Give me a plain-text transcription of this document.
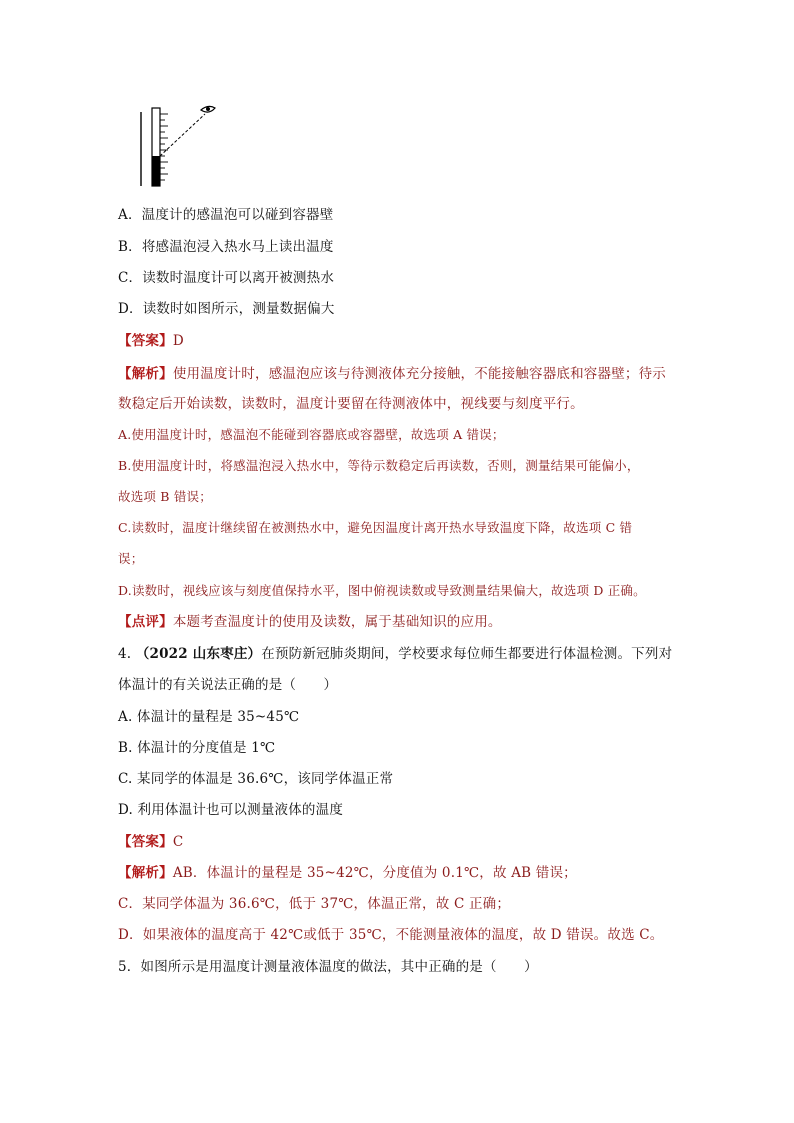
A．温度计的感温泡可以碰到容器壁
B．将感温泡浸入热水马上读出温度
C．读数时温度计可以离开被测热水
D．读数时如图所示，测量数据偏大
【答案】D
【解析】使用温度计时，感温泡应该与待测液体充分接触，不能接触容器底和容器壁；待示
数稳定后开始读数，读数时，温度计要留在待测液体中，视线要与刻度平行。
A.使用温度计时，感温泡不能碰到容器底或容器壁，故选项 A 错误；
B.使用温度计时，将感温泡浸入热水中，等待示数稳定后再读数，否则，测量结果可能偏小，
故选项 B 错误；
C.读数时，温度计继续留在被测热水中，避免因温度计离开热水导致温度下降，故选项 C 错
误；
D.读数时，视线应该与刻度值保持水平，图中俯视读数或导致测量结果偏大，故选项 D 正确。
【点评】本题考查温度计的使用及读数，属于基础知识的应用。
4. （2022 山东枣庄）在预防新冠肺炎期间，学校要求每位师生都要进行体温检测。下列对
体温计的有关说法正确的是（　　）
A. 体温计的量程是 35~45℃
B. 体温计的分度值是 1℃
C. 某同学的体温是 36.6℃，该同学体温正常
D. 利用体温计也可以测量液体的温度
【答案】C
【解析】AB．体温计的量程是 35~42℃，分度值为 0.1℃，故 AB 错误；
C．某同学体温为 36.6℃，低于 37℃，体温正常，故 C 正确；
D．如果液体的温度高于 42℃或低于 35℃，不能测量液体的温度，故 D 错误。故选 C。
5．如图所示是用温度计测量液体温度的做法，其中正确的是（　　）
